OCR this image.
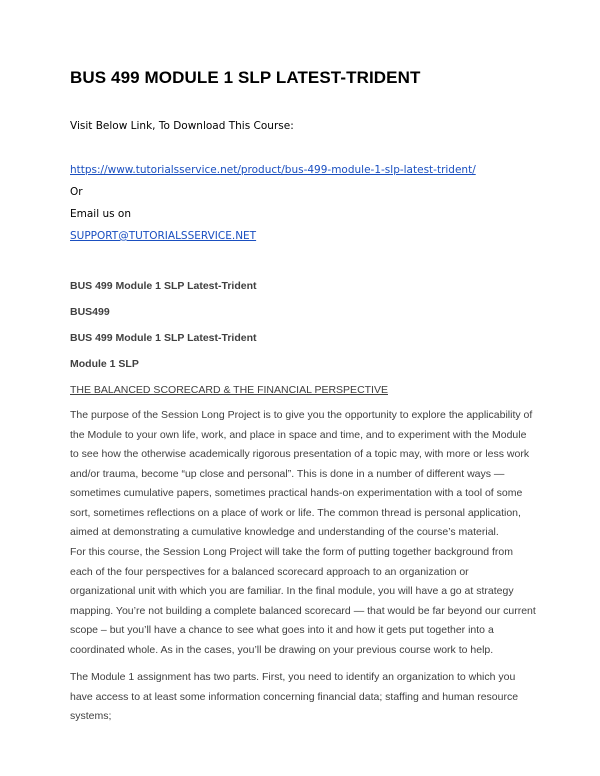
BUS 499 MODULE 1 SLP LATEST-TRIDENT

Visit Below Link, To Download This Course:

https://www.tutorialsservice.net/product/bus-499-module-1-slp-latest-trident/

Or

Email us on

SUPPORT@TUTORIALSSERVICE.NET

BUS 499 Module 1 SLP Latest-Trident

BUS499

BUS 499 Module 1 SLP Latest-Trident

Module 1 SLP

THE BALANCED SCORECARD & THE FINANCIAL PERSPECTIVE

The purpose of the Session Long Project is to give you the opportunity to explore the applicability of the Module to your own life, work, and place in space and time, and to experiment with the Module to see how the otherwise academically rigorous presentation of a topic may, with more or less work and/or trauma, become “up close and personal”. This is done in a number of different ways — sometimes cumulative papers, sometimes practical hands-on experimentation with a tool of some sort, sometimes reflections on a place of work or life. The common thread is personal application, aimed at demonstrating a cumulative knowledge and understanding of the course’s material.

For this course, the Session Long Project will take the form of putting together background from each of the four perspectives for a balanced scorecard approach to an organization or organizational unit with which you are familiar. In the final module, you will have a go at strategy mapping. You’re not building a complete balanced scorecard — that would be far beyond our current scope – but you’ll have a chance to see what goes into it and how it gets put together into a coordinated whole. As in the cases, you’ll be drawing on your previous course work to help.

The Module 1 assignment has two parts. First, you need to identify an organization to which you have access to at least some information concerning financial data; staffing and human resource systems;
